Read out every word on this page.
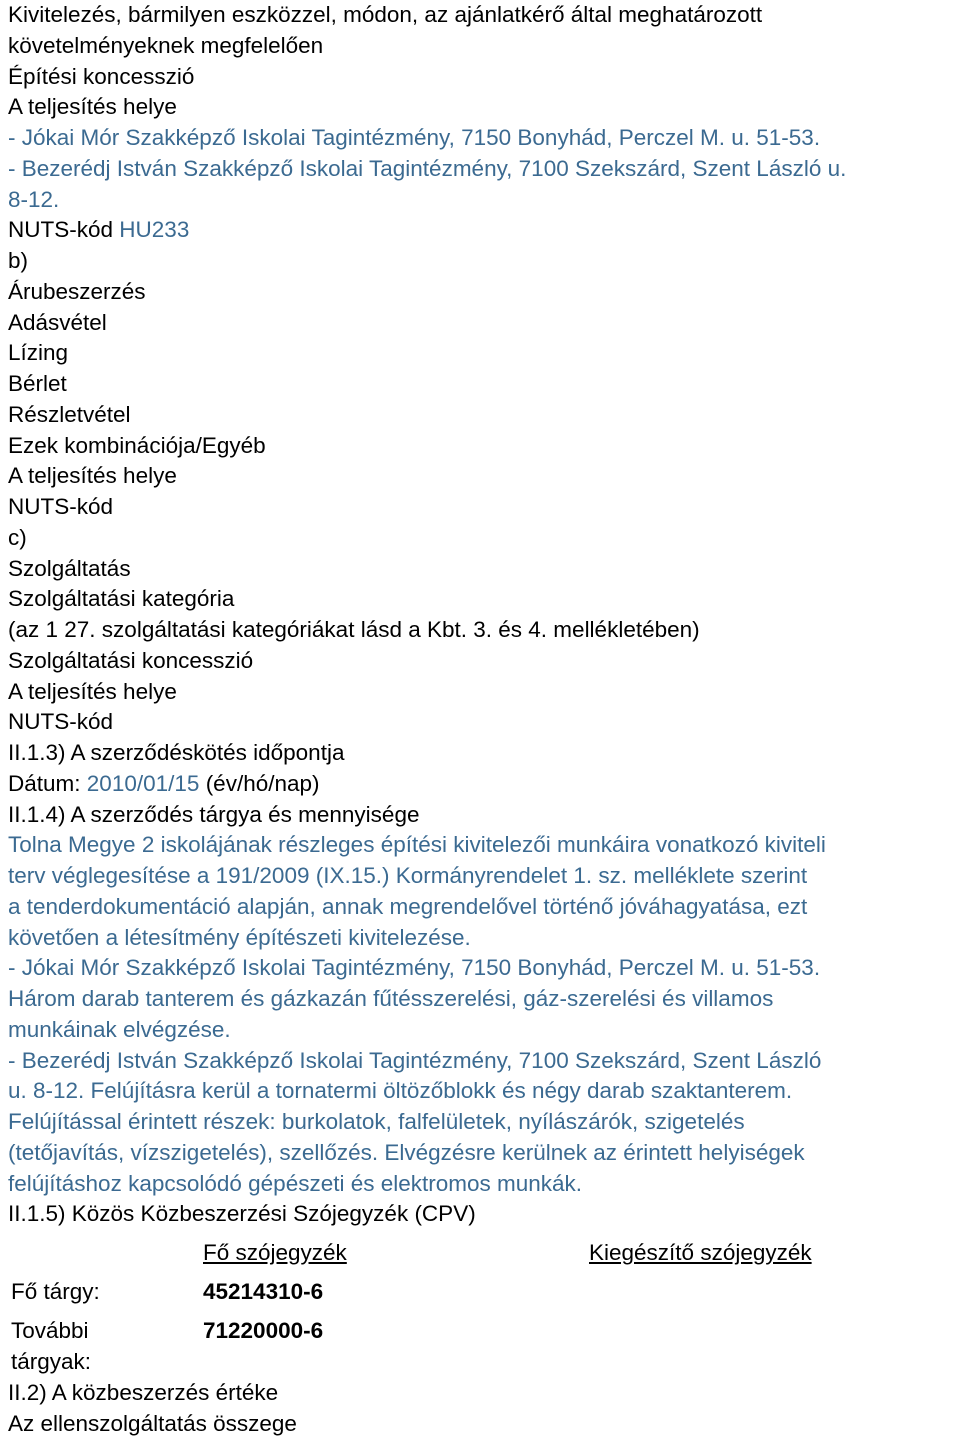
Kivitelezés, bármilyen eszközzel, módon, az ajánlatkérő által meghatározott
követelményeknek megfelelően
Építési koncesszió
A teljesítés helye
- Jókai Mór Szakképző Iskolai Tagintézmény, 7150 Bonyhád, Perczel M. u. 51-53.
- Bezerédj István Szakképző Iskolai Tagintézmény, 7100 Szekszárd, Szent László u.
8-12.
NUTS-kód HU233
b)
Árubeszerzés
Adásvétel
Lízing
Bérlet
Részletvétel
Ezek kombinációja/Egyéb
A teljesítés helye
NUTS-kód
c)
Szolgáltatás
Szolgáltatási kategória
(az 1 27. szolgáltatási kategóriákat lásd a Kbt. 3. és 4. mellékletében)
Szolgáltatási koncesszió
A teljesítés helye
NUTS-kód
II.1.3) A szerződéskötés időpontja
Dátum: 2010/01/15 (év/hó/nap)
II.1.4) A szerződés tárgya és mennyisége
Tolna Megye 2 iskolájának részleges építési kivitelezői munkáira vonatkozó kiviteli
terv véglegesítése a 191/2009 (IX.15.) Kormányrendelet 1. sz. melléklete szerint
a tenderdokumentáció alapján, annak megrendelővel történő jóváhagyatása, ezt
követően a létesítmény építészeti kivitelezése.
- Jókai Mór Szakképző Iskolai Tagintézmény, 7150 Bonyhád, Perczel M. u. 51-53.
Három darab tanterem és gázkazán fűtésszerelési, gáz-szerelési és villamos
munkáinak elvégzése.
- Bezerédj István Szakképző Iskolai Tagintézmény, 7100 Szekszárd, Szent László
u. 8-12. Felújításra kerül a tornatermi öltözőblokk és négy darab szaktanterem.
Felújítással érintett részek: burkolatok, falfelületek, nyílászárók, szigetelés
(tetőjavítás, vízszigetelés), szellőzés. Elvégzésre kerülnek az érintett helyiségek
felújításhoz kapcsolódó gépészeti és elektromos munkák.
II.1.5) Közös Közbeszerzési Szójegyzék (CPV)
Fő szójegyzék	Kiegészítő szójegyzék
Fő tárgy:	45214310-6
További
tárgyak:
71220000-6
II.2) A közbeszerzés értéke
Az ellenszolgáltatás összege
